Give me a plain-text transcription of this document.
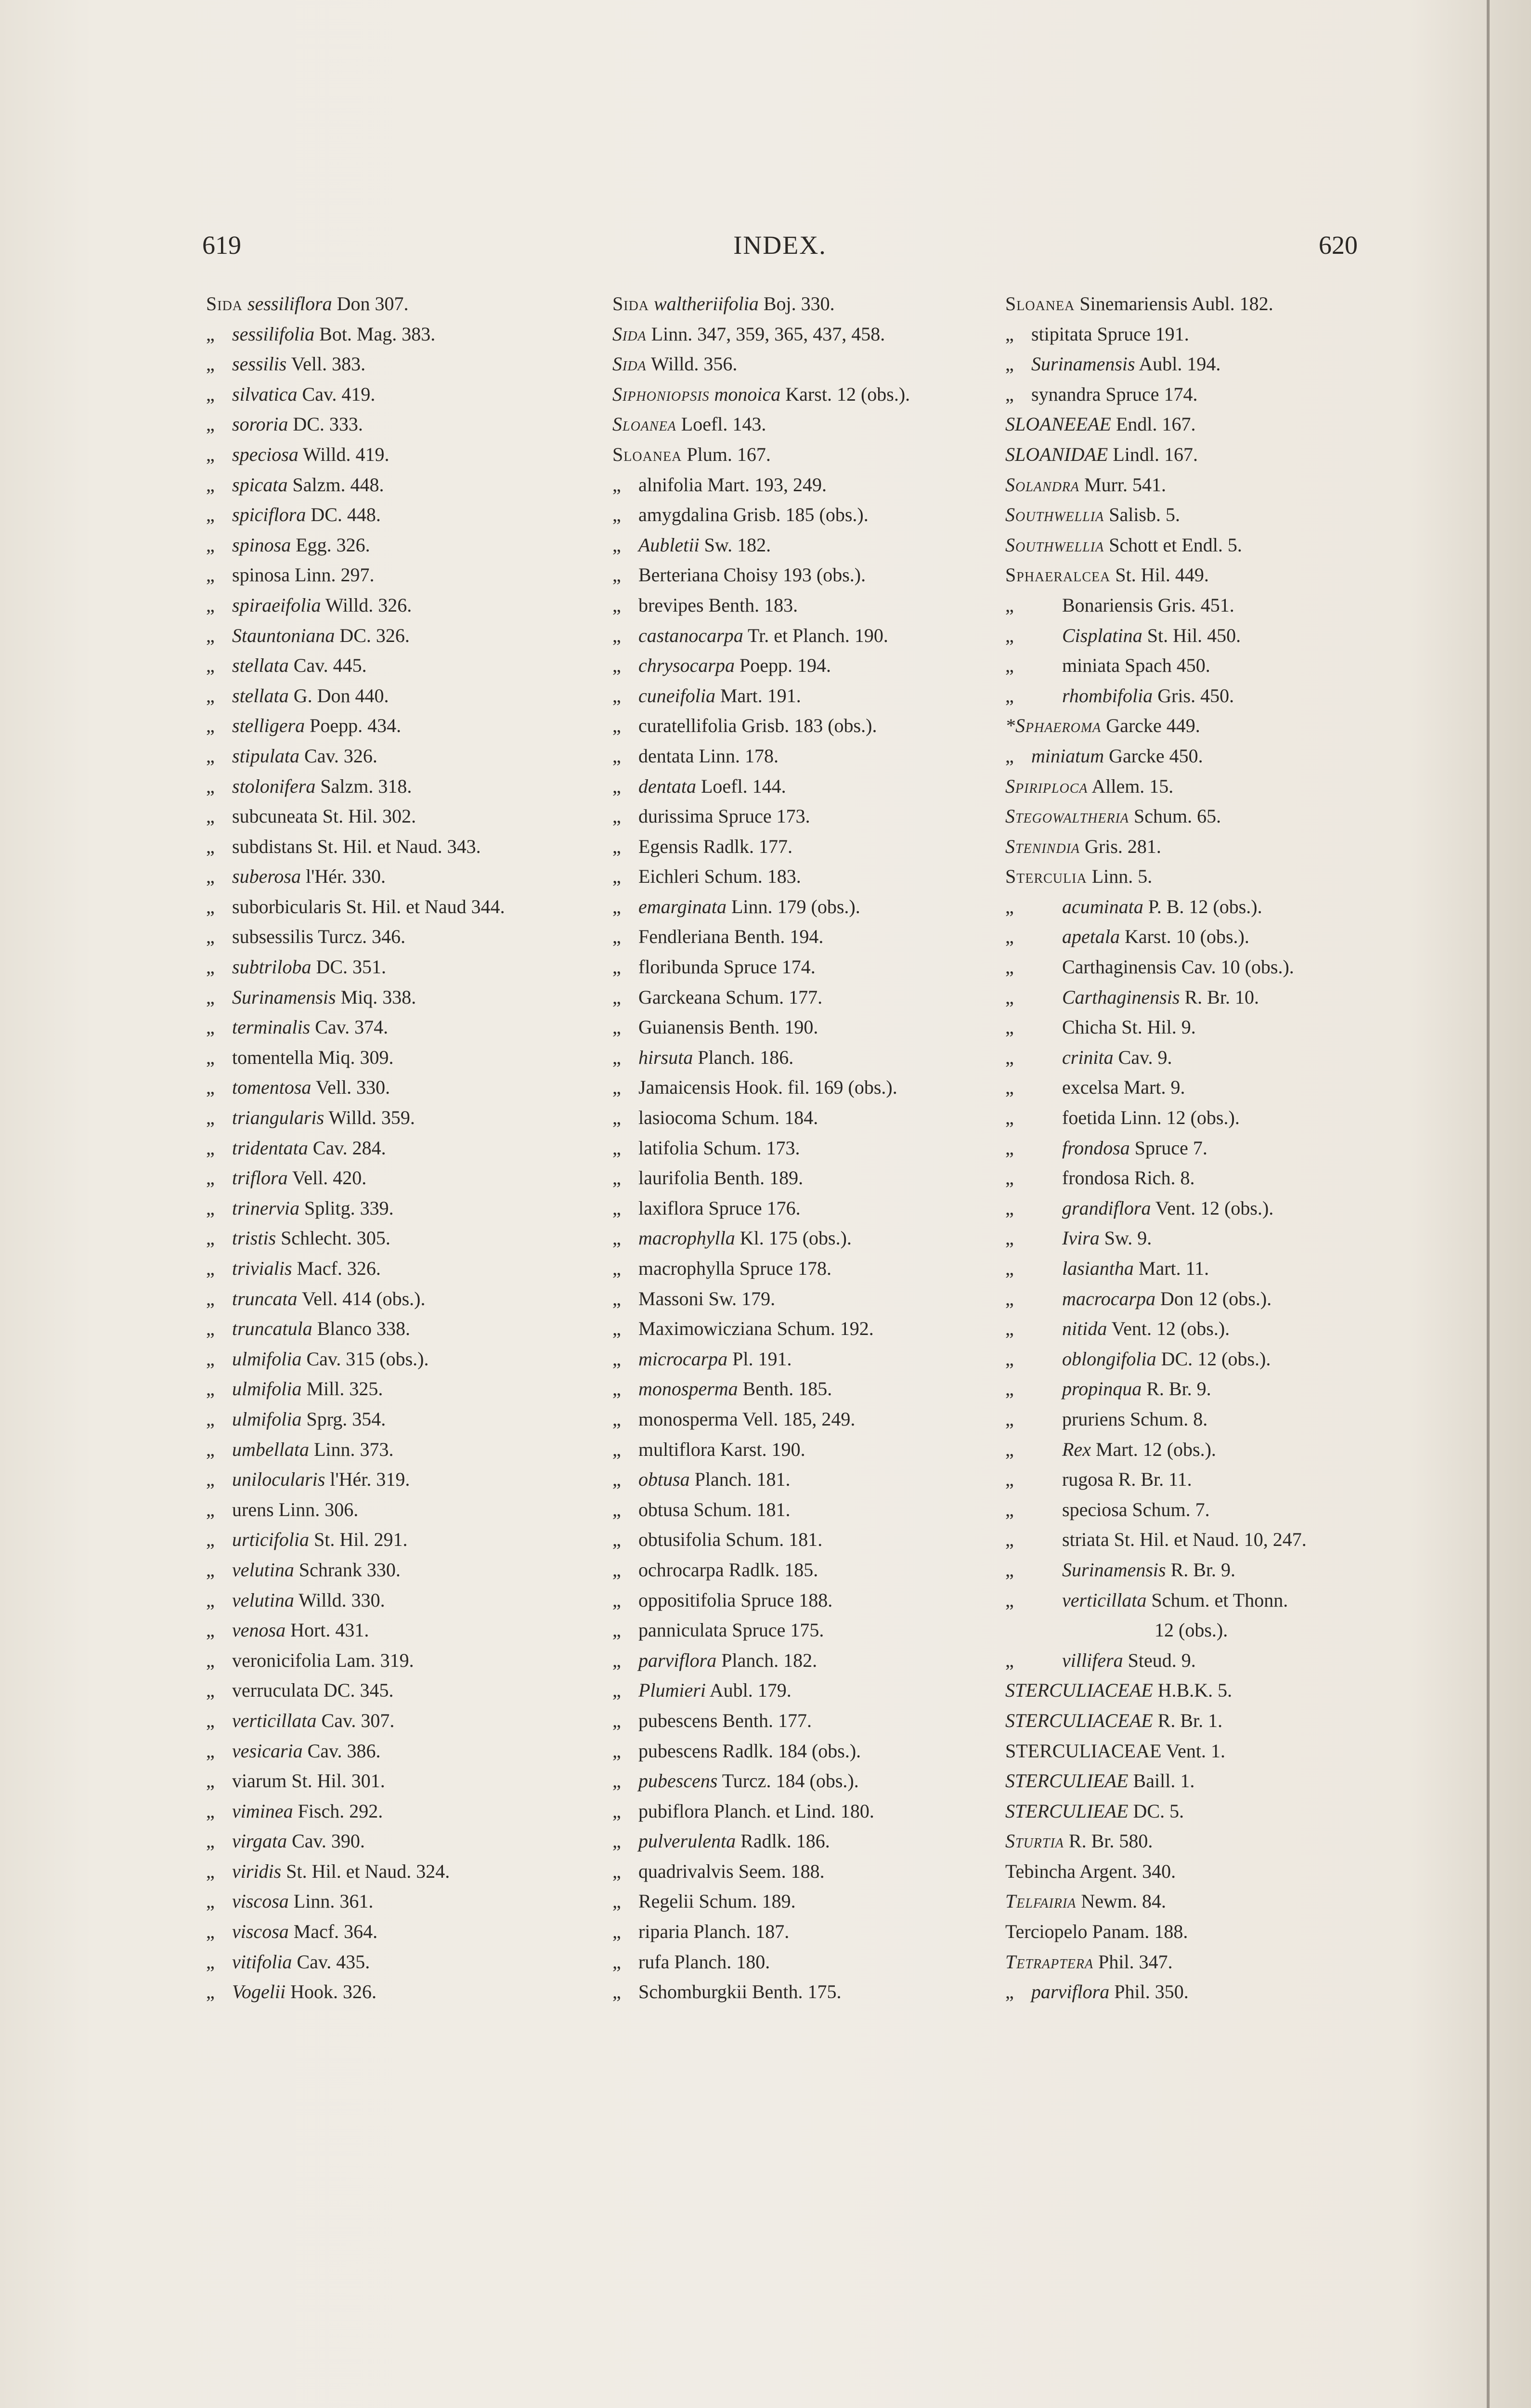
619	INDEX.	620
Sida sessiliflora Don 307.
„ sessilifolia Bot. Mag. 383.
„ sessilis Vell. 383.
„ silvatica Cav. 419.
„ sororia DC. 333.
„ speciosa Willd. 419.
„ spicata Salzm. 448.
„ spiciflora DC. 448.
„ spinosa Egg. 326.
„ spinosa Linn. 297.
„ spiraeifolia Willd. 326.
„ Stauntoniana DC. 326.
„ stellata Cav. 445.
„ stellata G. Don 440.
„ stelligera Poepp. 434.
„ stipulata Cav. 326.
„ stolonifera Salzm. 318.
„ subcuneata St. Hil. 302.
„ subdistans St. Hil. et Naud. 343.
„ suberosa l'Hér. 330.
„ suborbicularis St. Hil. et Naud 344.
„ subsessilis Turcz. 346.
„ subtriloba DC. 351.
„ Surinamensis Miq. 338.
„ terminalis Cav. 374.
„ tomentella Miq. 309.
„ tomentosa Vell. 330.
„ triangularis Willd. 359.
„ tridentata Cav. 284.
„ triflora Vell. 420.
„ trinervia Splitg. 339.
„ tristis Schlecht. 305.
„ trivialis Macf. 326.
„ truncata Vell. 414 (obs.).
„ truncatula Blanco 338.
„ ulmifolia Cav. 315 (obs.).
„ ulmifolia Mill. 325.
„ ulmifolia Sprg. 354.
„ umbellata Linn. 373.
„ unilocularis l'Hér. 319.
„ urens Linn. 306.
„ urticifolia St. Hil. 291.
„ velutina Schrank 330.
„ velutina Willd. 330.
„ venosa Hort. 431.
„ veronicifolia Lam. 319.
„ verruculata DC. 345.
„ verticillata Cav. 307.
„ vesicaria Cav. 386.
„ viarum St. Hil. 301.
„ viminea Fisch. 292.
„ virgata Cav. 390.
„ viridis St. Hil. et Naud. 324.
„ viscosa Linn. 361.
„ viscosa Macf. 364.
„ vitifolia Cav. 435.
„ Vogelii Hook. 326.
Sida waltheriifolia Boj. 330.
Sida Linn. 347, 359, 365, 437, 458.
Sida Willd. 356.
Siphoniopsis monoica Karst. 12 (obs.).
Sloanea Loefl. 143.
Sloanea Plum. 167.
„ alnifolia Mart. 193, 249.
„ amygdalina Grisb. 185 (obs.).
„ Aubletii Sw. 182.
„ Berteriana Choisy 193 (obs.).
„ brevipes Benth. 183.
„ castanocarpa Tr. et Planch. 190.
„ chrysocarpa Poepp. 194.
„ cuneifolia Mart. 191.
„ curatellifolia Grisb. 183 (obs.).
„ dentata Linn. 178.
„ dentata Loefl. 144.
„ durissima Spruce 173.
„ Egensis Radlk. 177.
„ Eichleri Schum. 183.
„ emarginata Linn. 179 (obs.).
„ Fendleriana Benth. 194.
„ floribunda Spruce 174.
„ Garckeana Schum. 177.
„ Guianensis Benth. 190.
„ hirsuta Planch. 186.
„ Jamaicensis Hook. fil. 169 (obs.).
„ lasiocoma Schum. 184.
„ latifolia Schum. 173.
„ laurifolia Benth. 189.
„ laxiflora Spruce 176.
„ macrophylla Kl. 175 (obs.).
„ macrophylla Spruce 178.
„ Massoni Sw. 179.
„ Maximowicziana Schum. 192.
„ microcarpa Pl. 191.
„ monosperma Benth. 185.
„ monosperma Vell. 185, 249.
„ multiflora Karst. 190.
„ obtusa Planch. 181.
„ obtusa Schum. 181.
„ obtusifolia Schum. 181.
„ ochrocarpa Radlk. 185.
„ oppositifolia Spruce 188.
„ panniculata Spruce 175.
„ parviflora Planch. 182.
„ Plumieri Aubl. 179.
„ pubescens Benth. 177.
„ pubescens Radlk. 184 (obs.).
„ pubescens Turcz. 184 (obs.).
„ pubiflora Planch. et Lind. 180.
„ pulverulenta Radlk. 186.
„ quadrivalvis Seem. 188.
„ Regelii Schum. 189.
„ riparia Planch. 187.
„ rufa Planch. 180.
„ Schomburgkii Benth. 175.
Sloanea Sinemariensis Aubl. 182.
„ stipitata Spruce 191.
„ Surinamensis Aubl. 194.
„ synandra Spruce 174.
SLOANEEAE Endl. 167.
SLOANIDAE Lindl. 167.
Solandra Murr. 541.
Southwellia Salisb. 5.
Southwellia Schott et Endl. 5.
Sphaeralcea St. Hil. 449.
„	Bonariensis Gris. 451.
„	Cisplatina St. Hil. 450.
„	miniata Spach 450.
„	rhombifolia Gris. 450.
*Sphaeroma Garcke 449.
„ miniatum Garcke 450.
Spiriploca Allem. 15.
Stegowaltheria Schum. 65.
Stenindia Gris. 281.
Sterculia Linn. 5.
„	acuminata P. B. 12 (obs.).
„	apetala Karst. 10 (obs.).
„	Carthaginensis Cav. 10 (obs.).
„	Carthaginensis R. Br. 10.
„	Chicha St. Hil. 9.
„	crinita Cav. 9.
„	excelsa Mart. 9.
„	foetida Linn. 12 (obs.).
„	frondosa Spruce 7.
„	frondosa Rich. 8.
„	grandiflora Vent. 12 (obs.).
„	Ivira Sw. 9.
„	lasiantha Mart. 11.
„	macrocarpa Don 12 (obs.).
„	nitida Vent. 12 (obs.).
„	oblongifolia DC. 12 (obs.).
„	propinqua R. Br. 9.
„	pruriens Schum. 8.
„	Rex Mart. 12 (obs.).
„	rugosa R. Br. 11.
„	speciosa Schum. 7.
„	striata St. Hil. et Naud. 10, 247.
„	Surinamensis R. Br. 9.
„	verticillata Schum. et Thonn.
12 (obs.).
„	villifera Steud. 9.
STERCULIACEAE H.B.K. 5.
STERCULIACEAE R. Br. 1.
STERCULIACEAE Vent. 1.
STERCULIEAE Baill. 1.
STERCULIEAE DC. 5.
Sturtia R. Br. 580.
Tebincha Argent. 340.
Telfairia Newm. 84.
Terciopelo Panam. 188.
Tetraptera Phil. 347.
„ parviflora Phil. 350.
